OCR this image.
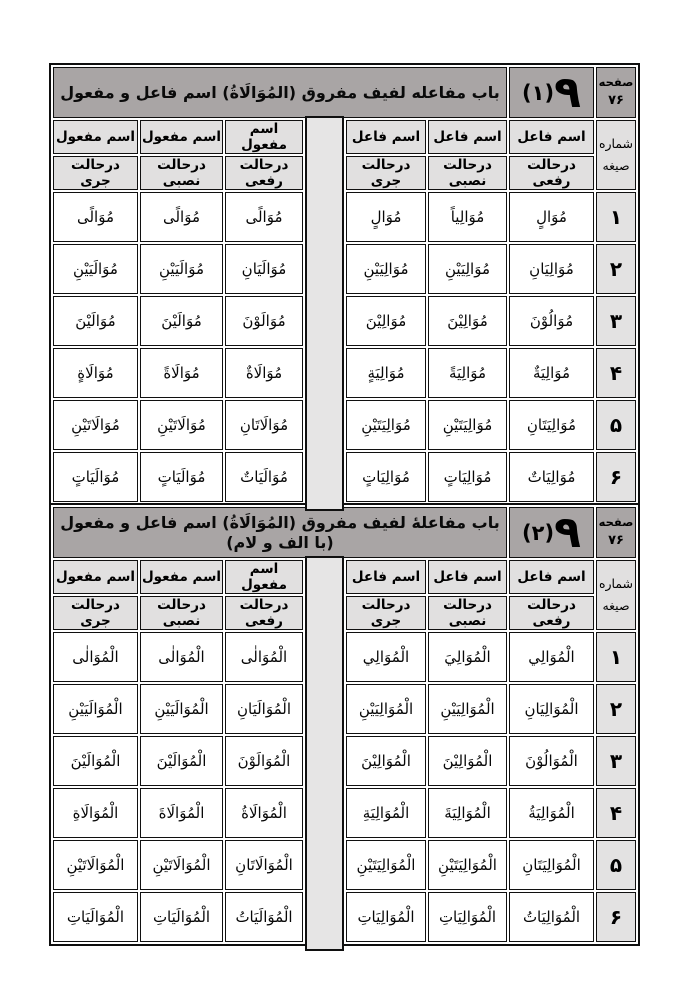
صفحه
۷۶	۹(۱)	باب مفاعله لفيف مفروق (المُوَالَاةُ) اسم فاعل و مفعول					

شماره
صيغه	اسم فاعل	اسم فاعل	اسم فاعل		اسم مفعول	اسم مفعول	اسم مفعول
	درحالت رفعی	درحالت نصبی	درحالت جری		درحالت رفعی	درحالت نصبی	درحالت جری
۱	مُوَالٍ	مُوَالِياً	مُوَالٍ		مُوَالًى	مُوَالًى	مُوَالًى
۲	مُوَالِيَانِ	مُوَالِيَيْنِ	مُوَالِيَيْنِ		مُوَالَيَانِ	مُوَالَيَيْنِ	مُوَالَيَيْنِ
۳	مُوَالُوْنَ	مُوَالِيْنَ	مُوَالِيْنَ		مُوَالَوْنَ	مُوَالَيْنَ	مُوَالَيْنَ
۴	مُوَالِيَةٌ	مُوَالِيَةً	مُوَالِيَةٍ		مُوَالَاةٌ	مُوَالَاةً	مُوَالَاةٍ
۵	مُوَالِيَتَانِ	مُوَالِيَتَيْنِ	مُوَالِيَتَيْنِ		مُوَالَاتَانِ	مُوَالَاتَيْنِ	مُوَالَاتَيْنِ
۶	مُوَالِيَاتٌ	مُوَالِيَاتٍ	مُوَالِيَاتٍ		مُوَالَيَاتٌ	مُوَالَيَاتٍ	مُوَالَيَاتٍ
صفحه
۷۶	۹(۲)	باب مفاعلهٔ لفيف مفروق (المُوَالَاةُ) اسم فاعل و مفعول (با الف و لام)					

شماره
صيغه	اسم فاعل	اسم فاعل	اسم فاعل		اسم مفعول	اسم مفعول	اسم مفعول
	درحالت رفعی	درحالت نصبی	درحالت جری		درحالت رفعی	درحالت نصبی	درحالت جری
۱	الْمُوَالِي	الْمُوَالِيَ	الْمُوَالِي		الْمُوَالٰى	الْمُوَالٰى	الْمُوَالٰى
۲	الْمُوَالِيَانِ	الْمُوَالِيَيْنِ	الْمُوَالِيَيْنِ		الْمُوَالَيَانِ	الْمُوَالَيَيْنِ	الْمُوَالَيَيْنِ
۳	الْمُوَالُوْنَ	الْمُوَالِيْنَ	الْمُوَالِيْنَ		الْمُوَالَوْنَ	الْمُوَالَيْنَ	الْمُوَالَيْنَ
۴	الْمُوَالِيَةُ	الْمُوَالِيَةَ	الْمُوَالِيَةِ		الْمُوَالَاةُ	الْمُوَالَاةَ	الْمُوَالَاةِ
۵	الْمُوَالِيَتَانِ	الْمُوَالِيَتَيْنِ	الْمُوَالِيَتَيْنِ		الْمُوَالَاتَانِ	الْمُوَالَاتَيْنِ	الْمُوَالَاتَيْنِ
۶	الْمُوَالِيَاتُ	الْمُوَالِيَاتِ	الْمُوَالِيَاتِ		الْمُوَالَيَاتُ	الْمُوَالَيَاتِ	الْمُوَالَيَاتِ
